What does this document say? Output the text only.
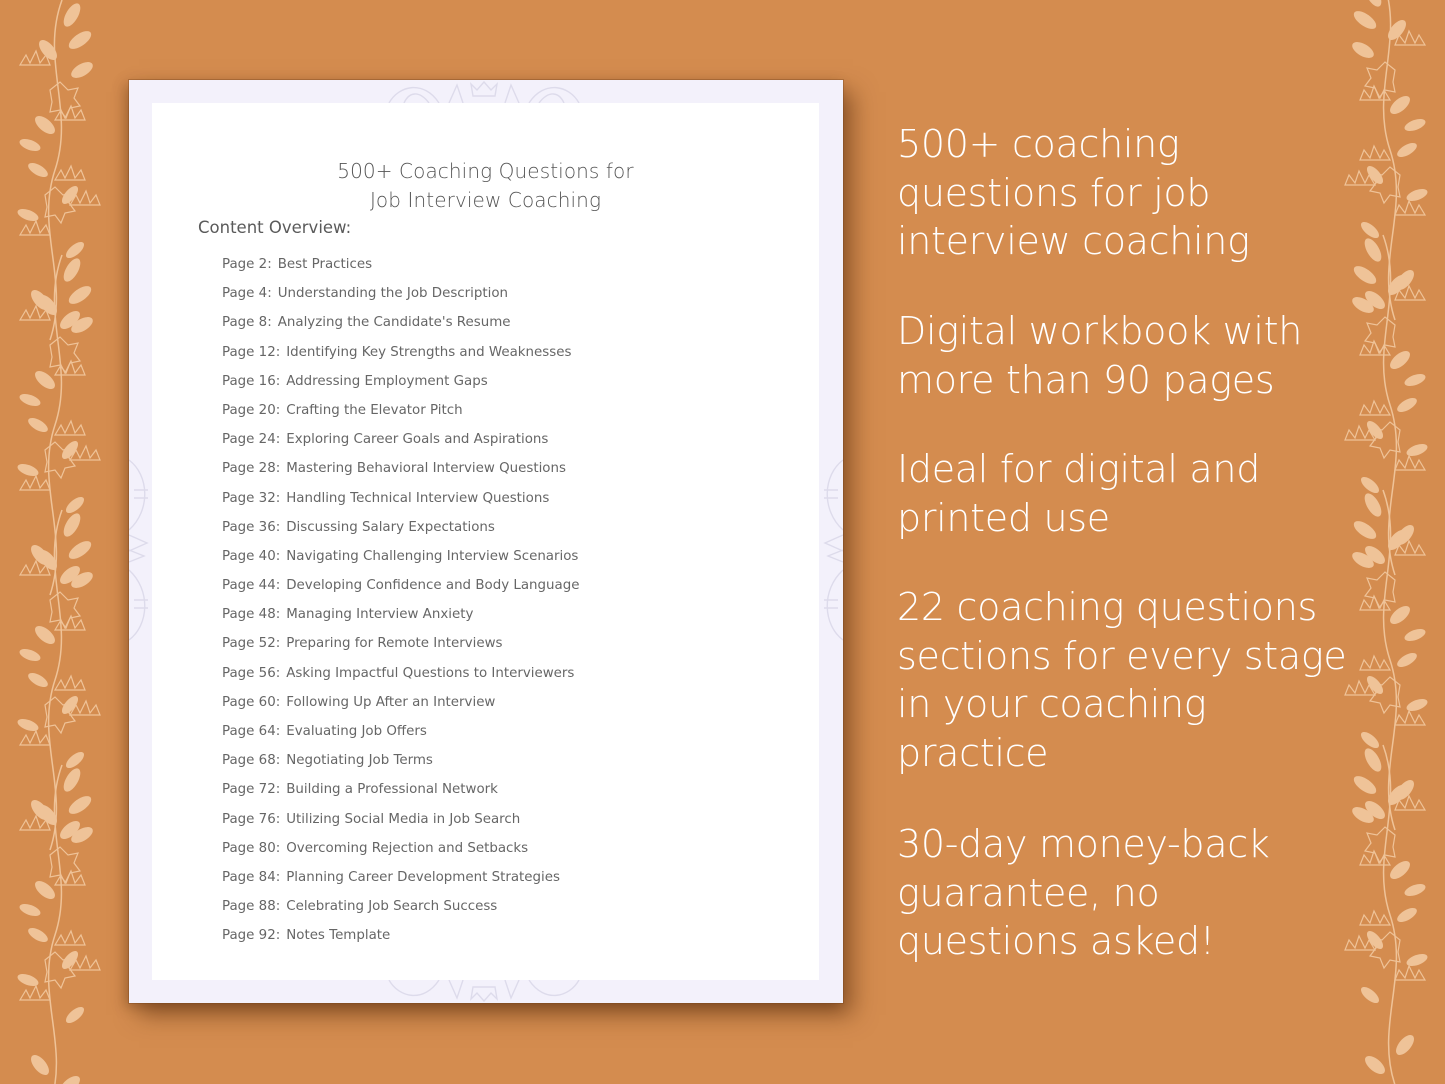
500+ Coaching Questions for
Job Interview Coaching
Content Overview:
Page 2: Best Practices
Page 4: Understanding the Job Description
Page 8: Analyzing the Candidate's Resume
Page 12: Identifying Key Strengths and Weaknesses
Page 16: Addressing Employment Gaps
Page 20: Crafting the Elevator Pitch
Page 24: Exploring Career Goals and Aspirations
Page 28: Mastering Behavioral Interview Questions
Page 32: Handling Technical Interview Questions
Page 36: Discussing Salary Expectations
Page 40: Navigating Challenging Interview Scenarios
Page 44: Developing Confidence and Body Language
Page 48: Managing Interview Anxiety
Page 52: Preparing for Remote Interviews
Page 56: Asking Impactful Questions to Interviewers
Page 60: Following Up After an Interview
Page 64: Evaluating Job Offers
Page 68: Negotiating Job Terms
Page 72: Building a Professional Network
Page 76: Utilizing Social Media in Job Search
Page 80: Overcoming Rejection and Setbacks
Page 84: Planning Career Development Strategies
Page 88: Celebrating Job Search Success
Page 92: Notes Template
500+ coaching
questions for job
interview coaching
Digital workbook with
more than 90 pages
Ideal for digital and
printed use
22 coaching questions
sections for every stage
in your coaching
practice
30-day money-back
guarantee, no
questions asked!
